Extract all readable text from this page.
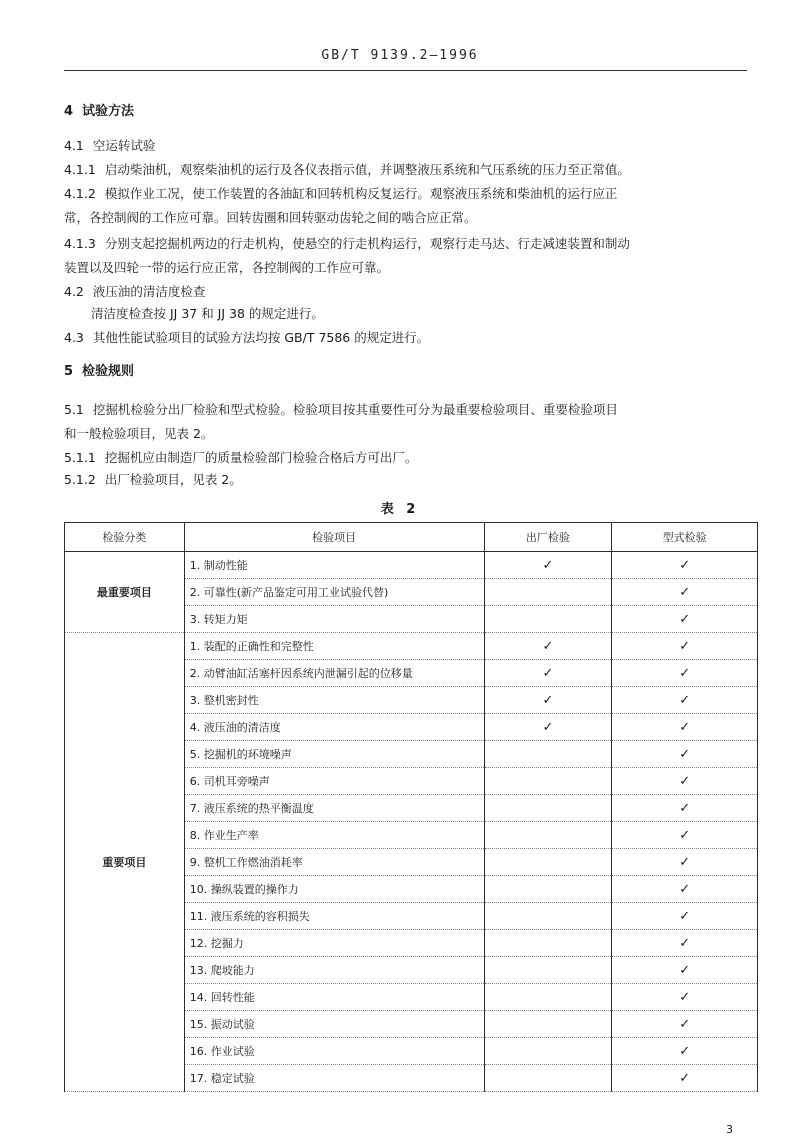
GB/T 9139.2—1996
4 试验方法
4.1 空运转试验
4.1.1 启动柴油机，观察柴油机的运行及各仪表指示值，并调整液压系统和气压系统的压力至正常值。
4.1.2 模拟作业工况，使工作装置的各油缸和回转机构反复运行。观察液压系统和柴油机的运行应正
常，各控制阀的工作应可靠。回转齿圈和回转驱动齿轮之间的啮合应正常。
4.1.3 分别支起挖掘机两边的行走机构，使悬空的行走机构运行，观察行走马达、行走减速装置和制动
装置以及四轮一带的运行应正常，各控制阀的工作应可靠。
4.2 液压油的清洁度检查
清洁度检查按 JJ 37 和 JJ 38 的规定进行。
4.3 其他性能试验项目的试验方法均按 GB/T 7586 的规定进行。
5 检验规则
5.1 挖掘机检验分出厂检验和型式检验。检验项目按其重要性可分为最重要检验项目、重要检验项目
和一般检验项目，见表 2。
5.1.1 挖掘机应由制造厂的质量检验部门检验合格后方可出厂。
5.1.2 出厂检验项目，见表 2。
表 2
检验分类	检验项目	出厂检验	型式检验
最重要项目	1. 制动性能	✓	✓
	2. 可靠性(新产品鉴定可用工业试验代替)		✓
	3. 转矩力矩		✓
重要项目	1. 装配的正确性和完整性	✓	✓
	2. 动臂油缸活塞杆因系统内泄漏引起的位移量	✓	✓
	3. 整机密封性	✓	✓
	4. 液压油的清洁度	✓	✓
	5. 挖掘机的环境噪声		✓
	6. 司机耳旁噪声		✓
	7. 液压系统的热平衡温度		✓
	8. 作业生产率		✓
	9. 整机工作燃油消耗率		✓
	10. 操纵装置的操作力		✓
	11. 液压系统的容积损失		✓
	12. 挖掘力		✓
	13. 爬坡能力		✓
	14. 回转性能		✓
	15. 振动试验		✓
	16. 作业试验		✓
	17. 稳定试验		✓
3
